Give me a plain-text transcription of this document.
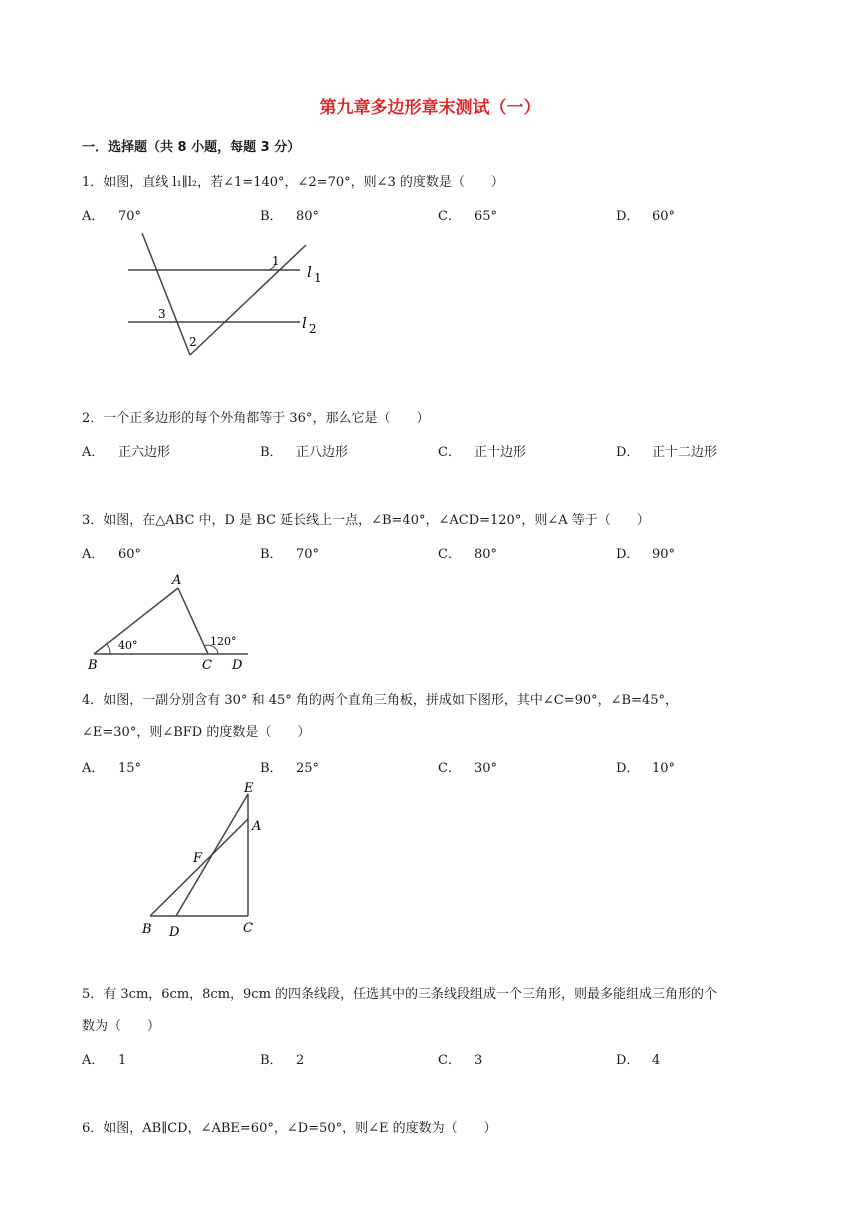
第九章多边形章末测试（一）
一．选择题（共 8 小题，每题 3 分）
1．如图，直线 l₁∥l₂，若∠1=140°，∠2=70°，则∠3 的度数是（　　）
A． 70°	B． 80°	C． 65°	D． 60°
1
3
2
l 1
l 2
2．一个正多边形的每个外角都等于 36°，那么它是（　　）
A． 正六边形	B． 正八边形	C． 正十边形	D． 正十二边形
3．如图，在△ABC 中，D 是 BC 延长线上一点，∠B=40°，∠ACD=120°，则∠A 等于（　　）
A． 60°	B． 70°	C． 80°	D． 90°
A
B	C D
40°	120°
4．如图，一副分别含有 30° 和 45° 角的两个直角三角板，拼成如下图形，其中∠C=90°，∠B=45°，
∠E=30°，则∠BFD 的度数是（　　）
A． 15°	B． 25°	C． 30°	D． 10°
E
A
F
B D	C
5．有 3cm，6cm，8cm，9cm 的四条线段，任选其中的三条线段组成一个三角形，则最多能组成三角形的个
数为（　　）
A． 1	B． 2	C． 3	D． 4
6．如图，AB∥CD，∠ABE=60°，∠D=50°，则∠E 的度数为（　　）
